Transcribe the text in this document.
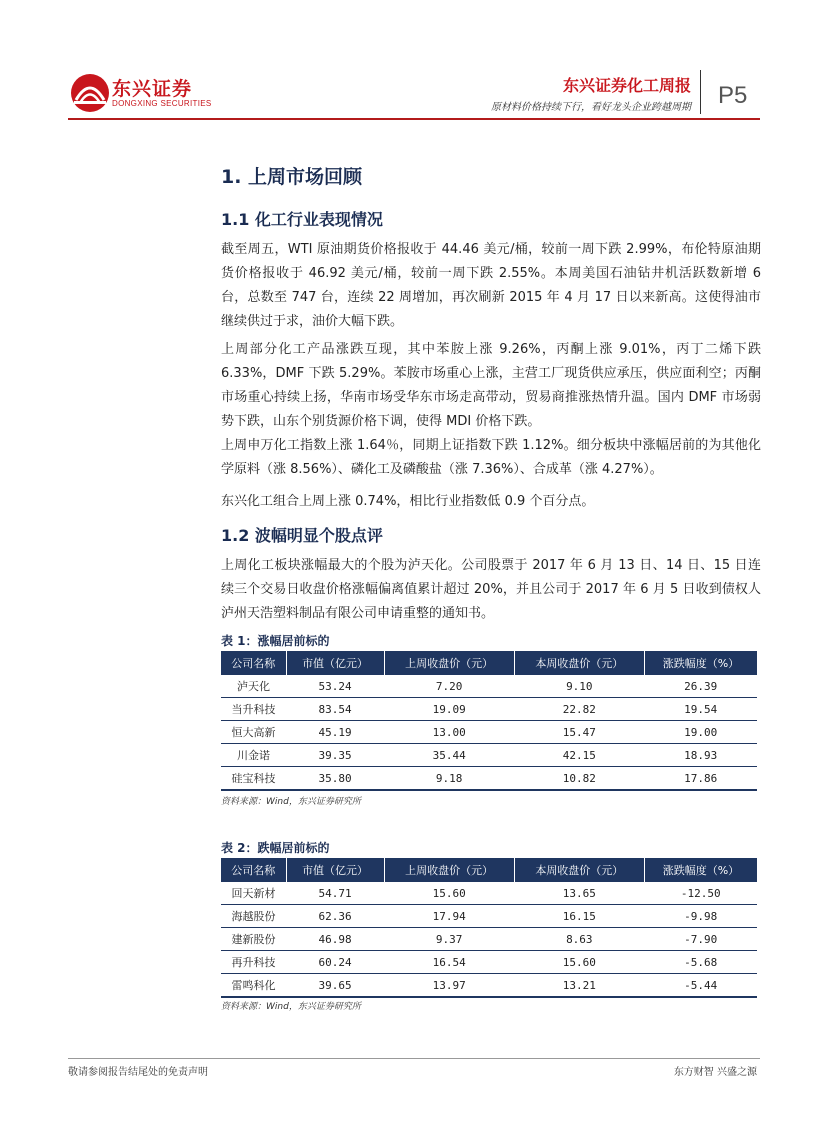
东兴证券
DONGXING SECURITIES
东兴证券化工周报
原材料价格持续下行，看好龙头企业跨越周期 P5
1. 上周市场回顾
1.1 化工行业表现情况

截至周五，WTI 原油期货价格报收于 44.46 美元/桶，较前一周下跌 2.99%，布伦特原油期货价格报收于 46.92 美元/桶，较前一周下跌 2.55%。本周美国石油钻井机活跃数新增 6 台，总数至 747 台，连续 22 周增加，再次刷新 2015 年 4 月 17 日以来新高。这使得油市继续供过于求，油价大幅下跌。

上周部分化工产品涨跌互现，其中苯胺上涨 9.26%，丙酮上涨 9.01%，丙丁二烯下跌 6.33%，DMF 下跌 5.29%。苯胺市场重心上涨，主营工厂现货供应承压，供应面利空；丙酮市场重心持续上扬，华南市场受华东市场走高带动，贸易商推涨热情升温。国内 DMF 市场弱势下跌，山东个别货源价格下调，使得 MDI 价格下跌。

上周申万化工指数上涨 1.64％，同期上证指数下跌 1.12%。细分板块中涨幅居前的为其他化学原料（涨 8.56%）、磷化工及磷酸盐（涨 7.36%）、合成革（涨 4.27%）。

东兴化工组合上周上涨 0.74%，相比行业指数低 0.9 个百分点。

1.2 波幅明显个股点评

上周化工板块涨幅最大的个股为泸天化。公司股票于 2017 年 6 月 13 日、14 日、15 日连续三个交易日收盘价格涨幅偏离值累计超过 20%，并且公司于 2017 年 6 月 5 日收到债权人泸州天浩塑料制品有限公司申请重整的通知书。

表 1：涨幅居前标的
公司名称	市值（亿元）	上周收盘价（元）	本周收盘价（元）	涨跌幅度（%）
泸天化	53.24	7.20	9.10	26.39
当升科技	83.54	19.09	22.82	19.54
恒大高新	45.19	13.00	15.47	19.00
川金诺	39.35	35.44	42.15	18.93
硅宝科技	35.80	9.18	10.82	17.86
资料来源：Wind，东兴证券研究所
表 2：跌幅居前标的
公司名称	市值（亿元）	上周收盘价（元）	本周收盘价（元）	涨跌幅度（%）
回天新材	54.71	15.60	13.65	-12.50
海越股份	62.36	17.94	16.15	-9.98
建新股份	46.98	9.37	8.63	-7.90
再升科技	60.24	16.54	15.60	-5.68
雷鸣科化	39.65	13.97	13.21	-5.44
资料来源：Wind，东兴证券研究所
敬请参阅报告结尾处的免责声明	东方财智 兴盛之源
